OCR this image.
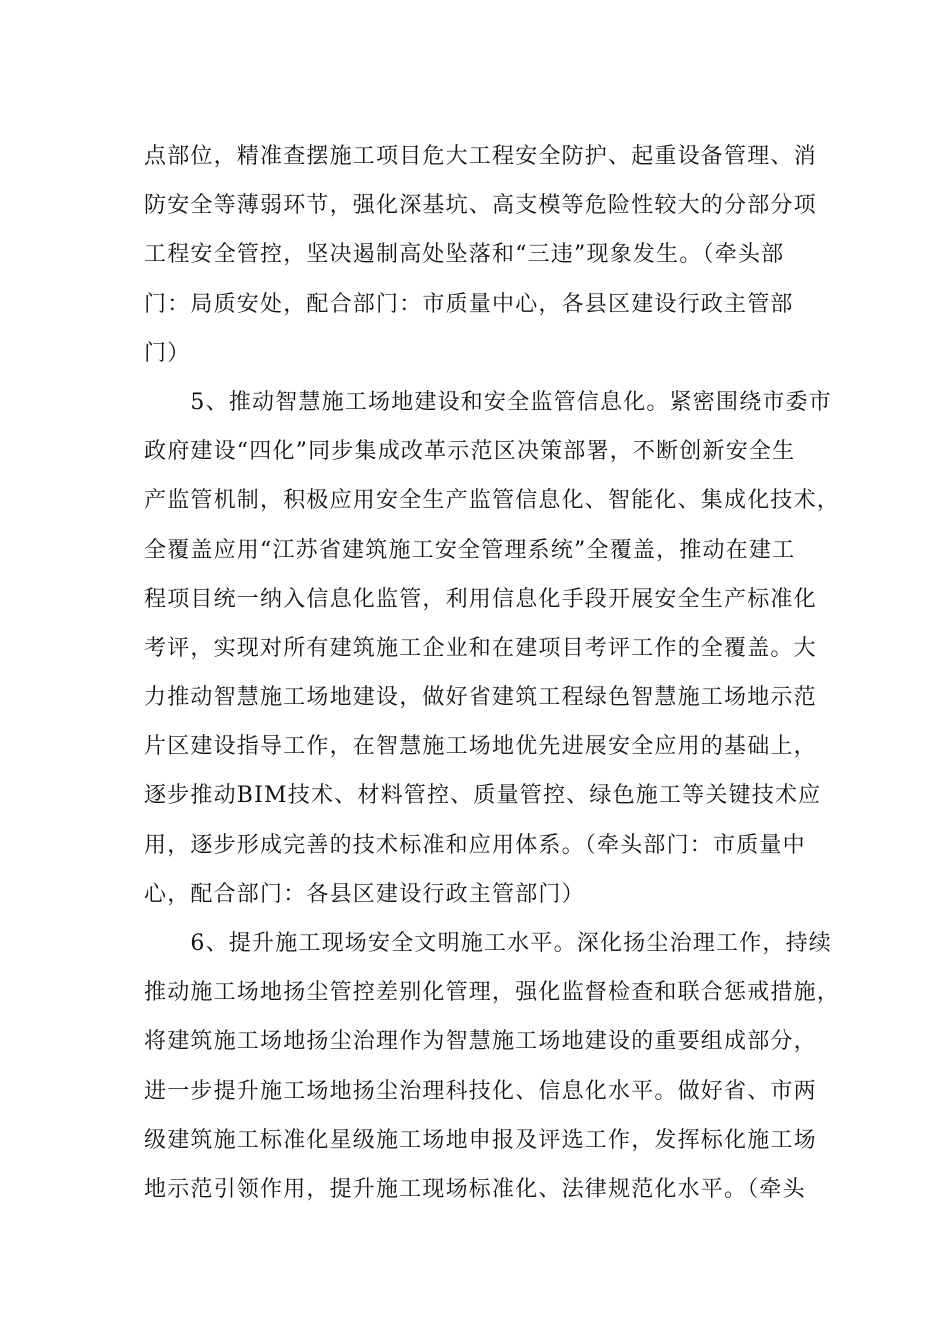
点部位，精准查摆施工项目危大工程安全防护、起重设备管理、消
防安全等薄弱环节，强化深基坑、高支模等危险性较大的分部分项
工程安全管控，坚决遏制高处坠落和“三违”现象发生。（牵头部
门：局质安处，配合部门：市质量中心，各县区建设行政主管部
门）
　　5、推动智慧施工场地建设和安全监管信息化。紧密围绕市委市
政府建设“四化”同步集成改革示范区决策部署，不断创新安全生
产监管机制，积极应用安全生产监管信息化、智能化、集成化技术，
全覆盖应用“江苏省建筑施工安全管理系统”全覆盖，推动在建工
程项目统一纳入信息化监管，利用信息化手段开展安全生产标准化
考评，实现对所有建筑施工企业和在建项目考评工作的全覆盖。大
力推动智慧施工场地建设，做好省建筑工程绿色智慧施工场地示范
片区建设指导工作，在智慧施工场地优先进展安全应用的基础上，
逐步推动BIM技术、材料管控、质量管控、绿色施工等关键技术应
用，逐步形成完善的技术标准和应用体系。（牵头部门：市质量中
心，配合部门：各县区建设行政主管部门）
　　6、提升施工现场安全文明施工水平。深化扬尘治理工作，持续
推动施工场地扬尘管控差别化管理，强化监督检查和联合惩戒措施，
将建筑施工场地扬尘治理作为智慧施工场地建设的重要组成部分，
进一步提升施工场地扬尘治理科技化、信息化水平。做好省、市两
级建筑施工标准化星级施工场地申报及评选工作，发挥标化施工场
地示范引领作用，提升施工现场标准化、法律规范化水平。（牵头
